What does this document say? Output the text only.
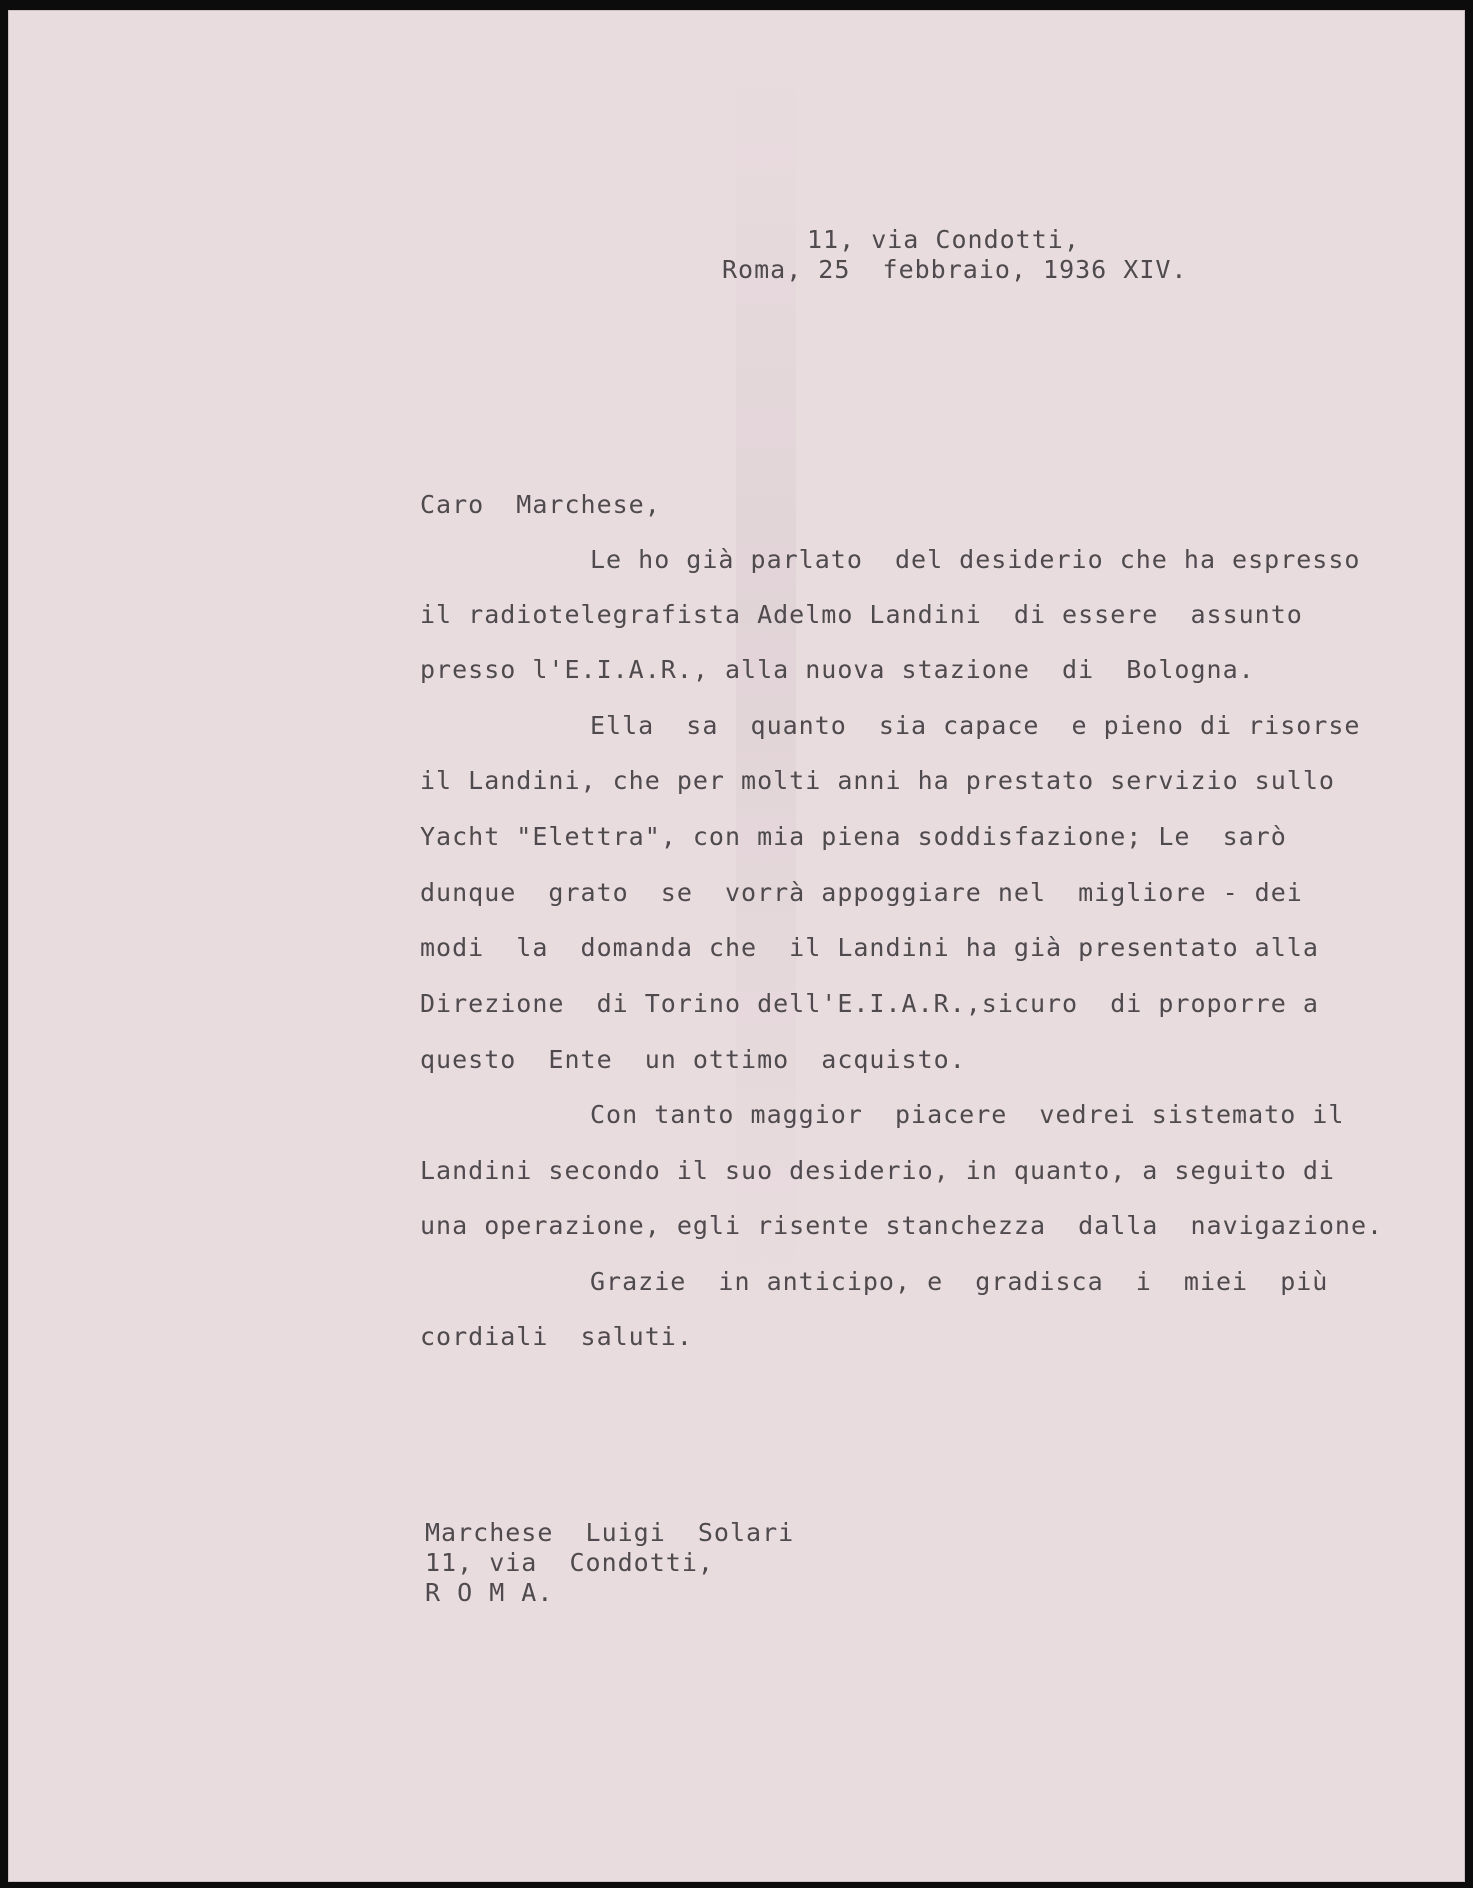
11, via Condotti,

Roma, 25  febbraio, 1936 XIV.

Caro  Marchese,

Le ho già parlato  del desiderio che ha espresso

il radiotelegrafista Adelmo Landini  di essere  assunto

presso l'E.I.A.R., alla nuova stazione  di  Bologna.

Ella  sa  quanto  sia capace  e pieno di risorse

il Landini, che per molti anni ha prestato servizio sullo

Yacht "Elettra", con mia piena soddisfazione; Le  sarò

dunque  grato  se  vorrà appoggiare nel  migliore - dei

modi  la  domanda che  il Landini ha già presentato alla

Direzione  di Torino dell'E.I.A.R.,sicuro  di proporre a

questo  Ente  un ottimo  acquisto.

Con tanto maggior  piacere  vedrei sistemato il

Landini secondo il suo desiderio, in quanto, a seguito di

una operazione, egli risente stanchezza  dalla  navigazione.

Grazie  in anticipo, e  gradisca  i  miei  più

cordiali  saluti.

Marchese  Luigi  Solari

11, via  Condotti,

R O M A.
